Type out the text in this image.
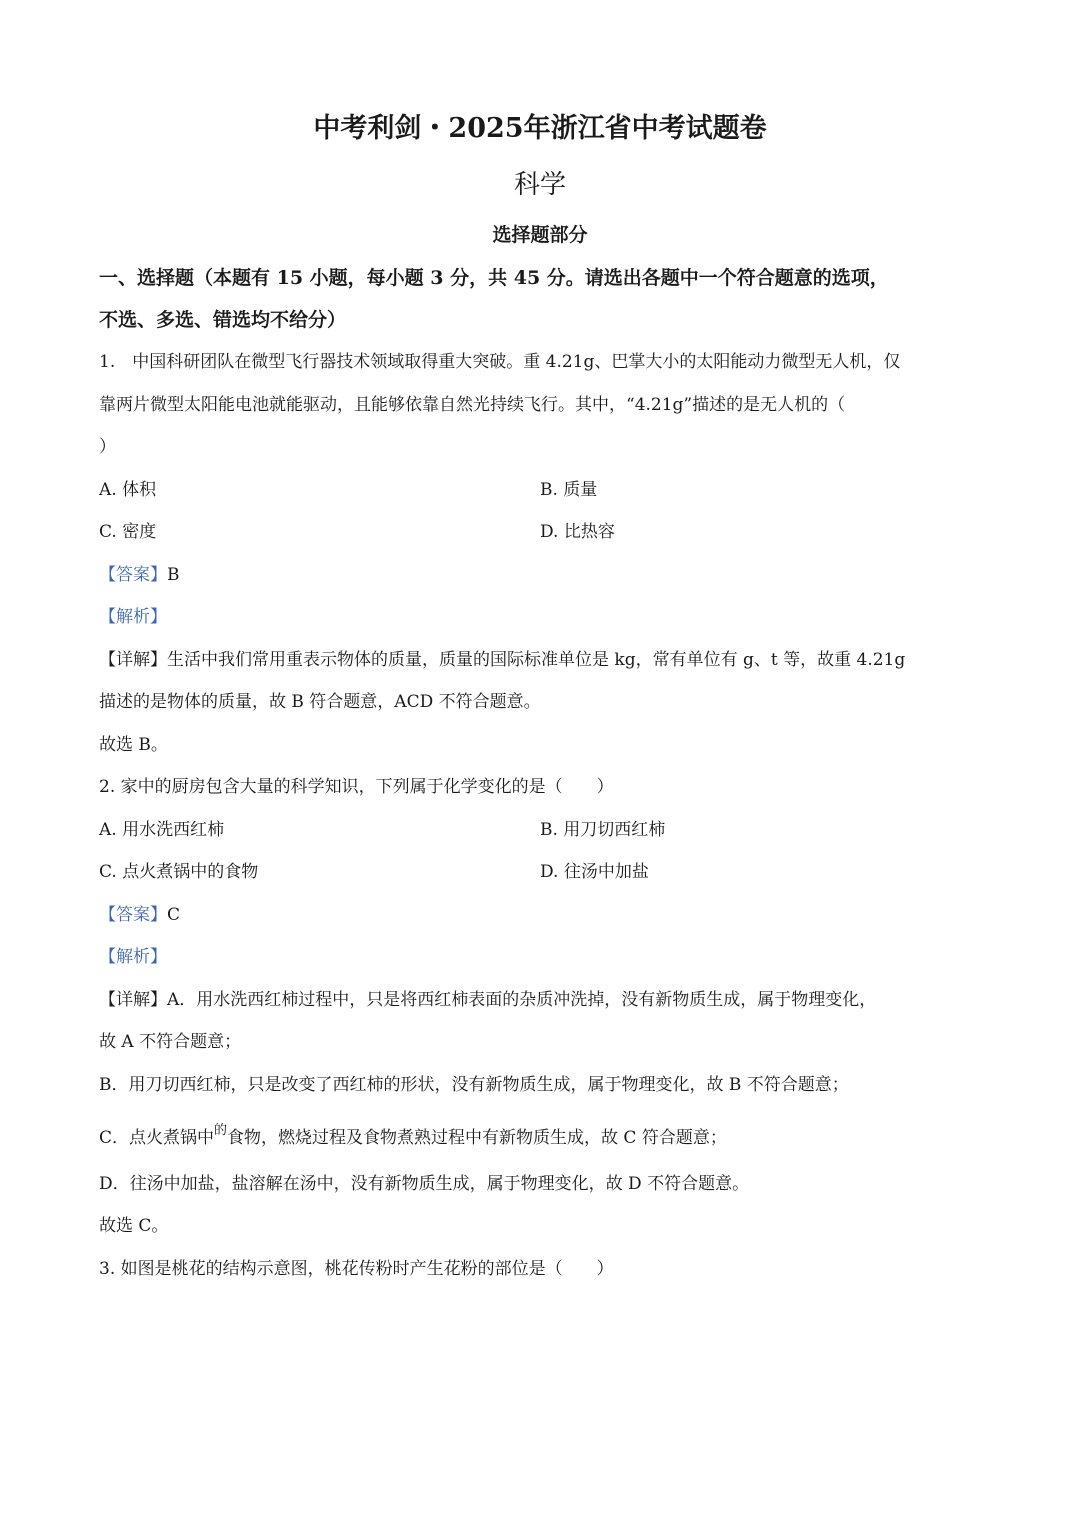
中考利剑・2025年浙江省中考试题卷
科学
选择题部分
一、选择题（本题有 15 小题，每小题 3 分，共 45 分。请选出各题中一个符合题意的选项，
不选、多选、错选均不给分）
1.　中国科研团队在微型飞行器技术领域取得重大突破。重 4.21g、巴掌大小的太阳能动力微型无人机，仅
靠两片微型太阳能电池就能驱动，且能够依靠自然光持续飞行。其中，“4.21g”描述的是无人机的（
）
A. 体积	B. 质量
C. 密度	D. 比热容
【答案】B
【解析】
【详解】生活中我们常用重表示物体的质量，质量的国际标准单位是 kg，常有单位有 g、t 等，故重 4.21g
描述的是物体的质量，故 B 符合题意，ACD 不符合题意。
故选 B。
2. 家中的厨房包含大量的科学知识，下列属于化学变化的是（　　）
A. 用水洗西红柿	B. 用刀切西红柿
C. 点火煮锅中的食物	D. 往汤中加盐
【答案】C
【解析】
【详解】A．用水洗西红柿过程中，只是将西红柿表面的杂质冲洗掉，没有新物质生成，属于物理变化，
故 A 不符合题意；
B．用刀切西红柿，只是改变了西红柿的形状，没有新物质生成，属于物理变化，故 B 不符合题意；
C．点火煮锅中$^的$食物，燃烧过程及食物煮熟过程中有新物质生成，故 C 符合题意；
D．往汤中加盐，盐溶解在汤中，没有新物质生成，属于物理变化，故 D 不符合题意。
故选 C。
3. 如图是桃花的结构示意图，桃花传粉时产生花粉的部位是（　　）
